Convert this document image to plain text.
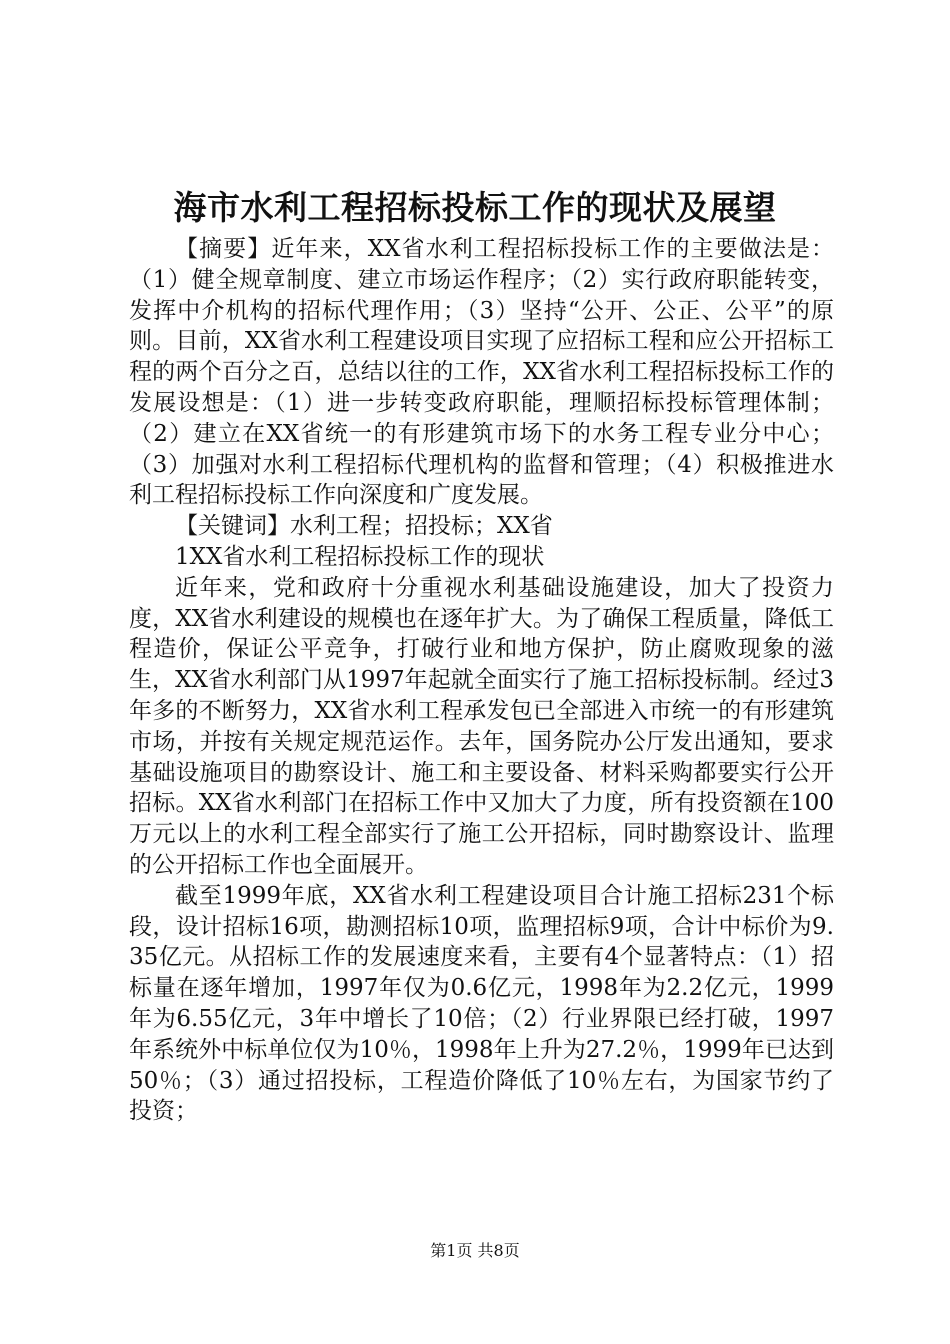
海市水利工程招标投标工作的现状及展望

【摘要】近年来，XX省水利工程招标投标工作的主要做法是：（1）健全规章制度、建立市场运作程序；（2）实行政府职能转变，发挥中介机构的招标代理作用；（3）坚持“公开、公正、公平”的原则。目前，XX省水利工程建设项目实现了应招标工程和应公开招标工程的两个百分之百，总结以往的工作，XX省水利工程招标投标工作的发展设想是：（1）进一步转变政府职能，理顺招标投标管理体制；（2）建立在XX省统一的有形建筑市场下的水务工程专业分中心；（3）加强对水利工程招标代理机构的监督和管理；（4）积极推进水利工程招标投标工作向深度和广度发展。

【关键词】水利工程；招投标；XX省

1XX省水利工程招标投标工作的现状

近年来，党和政府十分重视水利基础设施建设，加大了投资力度，XX省水利建设的规模也在逐年扩大。为了确保工程质量，降低工程造价，保证公平竞争，打破行业和地方保护，防止腐败现象的滋生，XX省水利部门从1997年起就全面实行了施工招标投标制。经过3年多的不断努力，XX省水利工程承发包已全部进入市统一的有形建筑市场，并按有关规定规范运作。去年，国务院办公厅发出通知，要求基础设施项目的勘察设计、施工和主要设备、材料采购都要实行公开招标。XX省水利部门在招标工作中又加大了力度，所有投资额在100万元以上的水利工程全部实行了施工公开招标，同时勘察设计、监理的公开招标工作也全面展开。

截至1999年底，XX省水利工程建设项目合计施工招标231个标段，设计招标16项，勘测招标10项，监理招标9项，合计中标价为9.35亿元。从招标工作的发展速度来看，主要有4个显著特点：（1）招标量在逐年增加，1997年仅为0.6亿元，1998年为2.2亿元，1999年为6.55亿元，3年中增长了10倍；（2）行业界限已经打破，1997年系统外中标单位仅为10％，1998年上升为27.2％，1999年已达到50％；（3）通过招投标，工程造价降低了10％左右，为国家节约了投资；

第1页 共8页
